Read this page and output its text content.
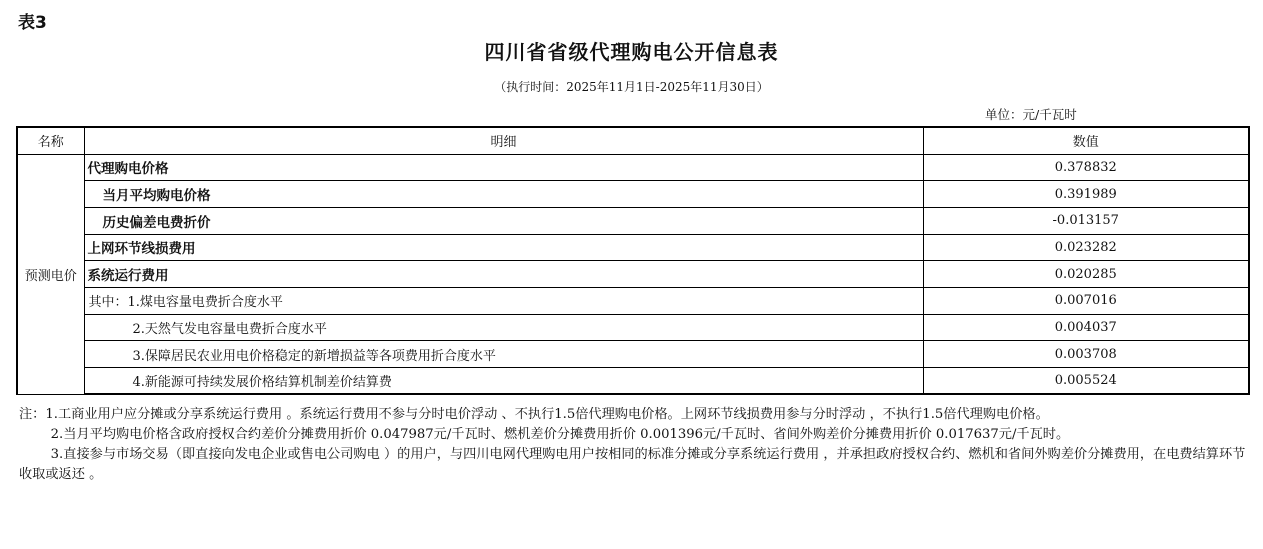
表3
四川省省级代理购电公开信息表
（执行时间：2025年11月1日-2025年11月30日）
单位：元/千瓦时
名称	明细	数值
预测电价	代理购电价格	0.378832
	当月平均购电价格	0.391989
	历史偏差电费折价	-0.013157
	上网环节线损费用	0.023282
	系统运行费用	0.020285
	其中：1.煤电容量电费折合度水平	0.007016
	2.天然气发电容量电费折合度水平	0.004037
	3.保障居民农业用电价格稳定的新增损益等各项费用折合度水平	0.003708
	4.新能源可持续发展价格结算机制差价结算费	0.005524

注：1.工商业用户应分摊或分享系统运行费用 。系统运行费用不参与分时电价浮动 、不执行1.5倍代理购电价格。上网环节线损费用参与分时浮动 ，不执行1.5倍代理购电价格。

2.当月平均购电价格含政府授权合约差价分摊费用折价 0.047987元/千瓦时、燃机差价分摊费用折价 0.001396元/千瓦时、省间外购差价分摊费用折价 0.017637元/千瓦时。

3.直接参与市场交易（即直接向发电企业或售电公司购电 ）的用户，与四川电网代理购电用户按相同的标准分摊或分享系统运行费用 ，并承担政府授权合约、燃机和省间外购差价分摊费用，在电费结算环节收取或返还 。
